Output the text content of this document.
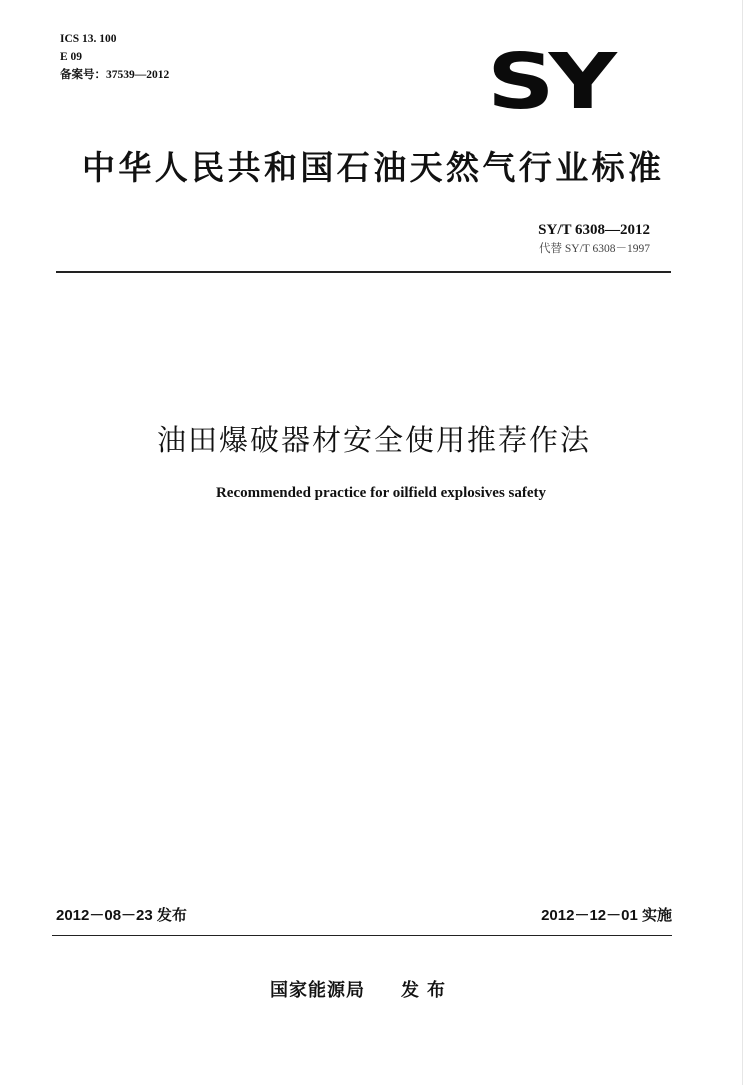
ICS 13. 100
E 09
备案号：37539—2012	SY
中华人民共和国石油天然气行业标准
SY/T 6308—2012
代替 SY/T 6308－1997
油田爆破器材安全使用推荐作法
Recommended practice for oilfield explosives safety
2012－08－23 发布	2012－12－01 实施
国家能源局 发布
